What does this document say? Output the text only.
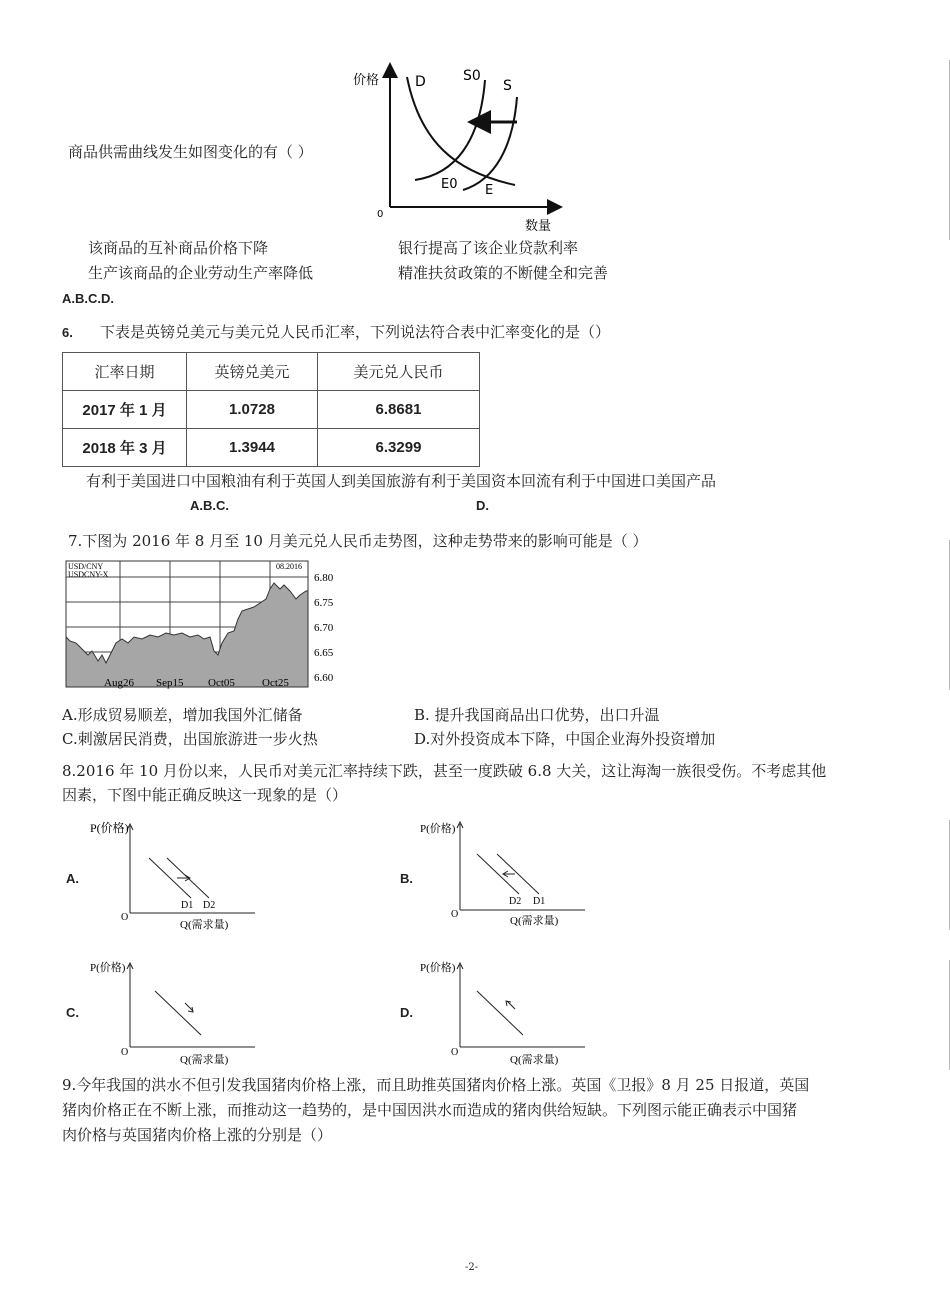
商品供需曲线发生如图变化的有（ ）
价格
数量
0
D	S0
S
E0 E
该商品的互补商品价格下降	银行提高了该企业贷款利率
生产该商品的企业劳动生产率降低	精准扶贫政策的不断健全和完善
A.B.C.D.
6. 下表是英镑兑美元与美元兑人民币汇率，下列说法符合表中汇率变化的是（）
汇率日期	英镑兑美元	美元兑人民币
2017 年 1 月	1.0728	6.8681
2018 年 3 月	1.3944	6.3299
有利于美国进口中国粮油有利于英国人到美国旅游有利于美国资本回流有利于中国进口美国产品
A.B.C.	D.
7.下图为 2016 年 8 月至 10 月美元兑人民币走势图，这种走势带来的影响可能是（ ）
USD/CNY
USDCNY-X
08.2016
6.80
6.75
6.70
6.65
6.60
Aug26 Sep15 Oct05 Oct25
A.形成贸易顺差，增加我国外汇储备	B. 提升我国商品出口优势，出口升温
C.刺激居民消费，出国旅游进一步火热	D.对外投资成本下降，中国企业海外投资增加
8.2016 年 10 月份以来，人民币对美元汇率持续下跌，甚至一度跌破 6.8 大关，这让海淘一族很受伤。不考虑其他
因素，下图中能正确反映这一现象的是（）
A.
P(价格)
Q(需求量)
O
D1 D2
B.
P(价格)
Q(需求量)
O
D2 D1
C.
P(价格)
Q(需求量)
O
D.
P(价格)
Q(需求量)
O
9.今年我国的洪水不但引发我国猪肉价格上涨，而且助推英国猪肉价格上涨。英国《卫报》8 月 25 日报道，英国
猪肉价格正在不断上涨，而推动这一趋势的，是中国因洪水而造成的猪肉供给短缺。下列图示能正确表示中国猪
肉价格与英国猪肉价格上涨的分别是（）
-2-
